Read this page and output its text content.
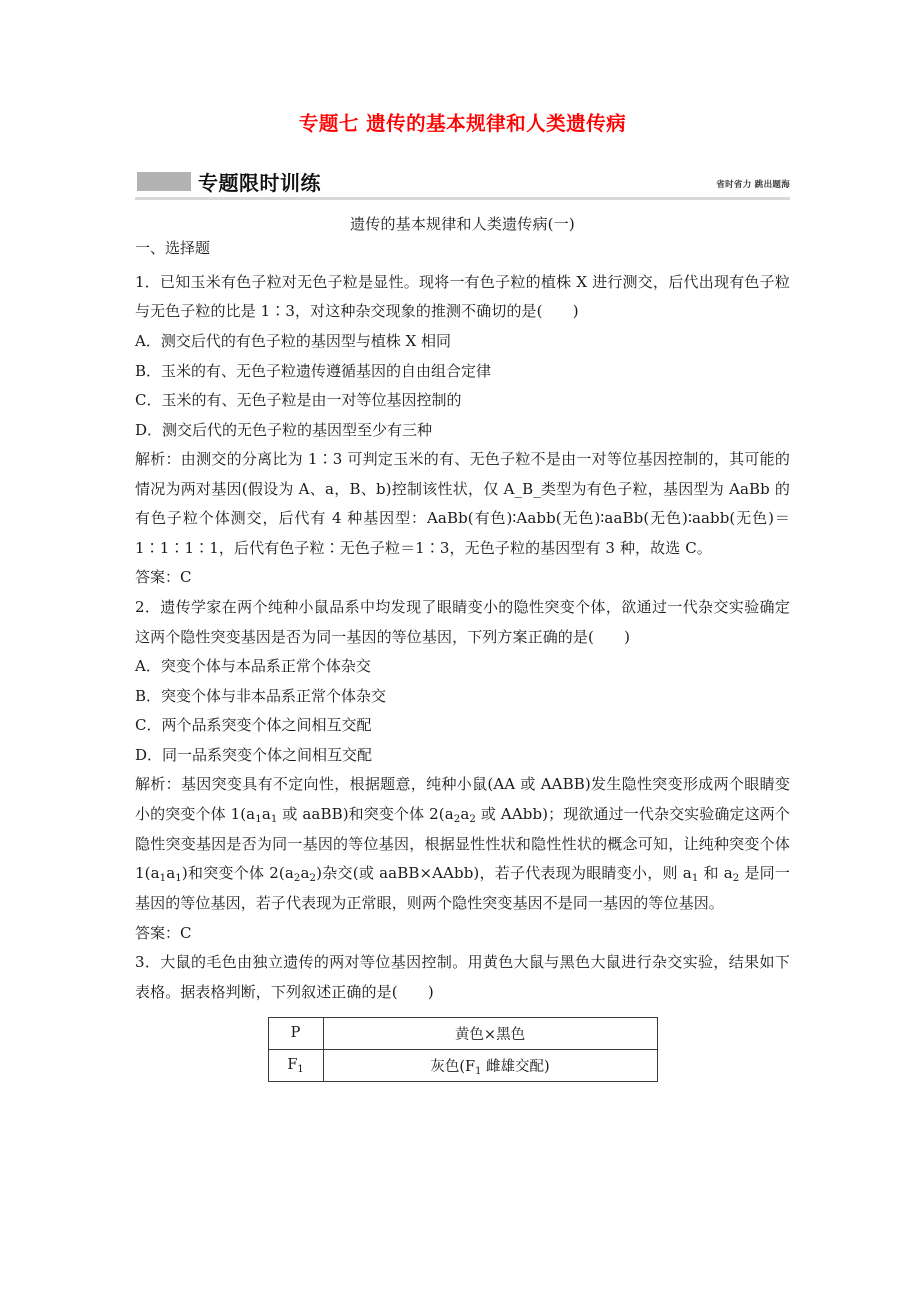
专题七 遗传的基本规律和人类遗传病
专题限时训练	省时省力 跳出题海
遗传的基本规律和人类遗传病(一)

一、选择题

1．已知玉米有色子粒对无色子粒是显性。现将一有色子粒的植株 X 进行测交，后代出现有色子粒与无色子粒的比是 1∶3，对这种杂交现象的推测不确切的是(　　)

A．测交后代的有色子粒的基因型与植株 X 相同

B．玉米的有、无色子粒遗传遵循基因的自由组合定律

C．玉米的有、无色子粒是由一对等位基因控制的

D．测交后代的无色子粒的基因型至少有三种

解析：由测交的分离比为 1∶3 可判定玉米的有、无色子粒不是由一对等位基因控制的，其可能的情况为两对基因(假设为 A、a，B、b)控制该性状，仅 A_B_类型为有色子粒，基因型为 AaBb 的有色子粒个体测交，后代有 4 种基因型：AaBb(有色)∶Aabb(无色)∶aaBb(无色)∶aabb(无色)＝1∶1∶1∶1，后代有色子粒∶无色子粒＝1∶3，无色子粒的基因型有 3 种，故选 C。

答案：C

2．遗传学家在两个纯种小鼠品系中均发现了眼睛变小的隐性突变个体，欲通过一代杂交实验确定这两个隐性突变基因是否为同一基因的等位基因，下列方案正确的是(　　)

A．突变个体与本品系正常个体杂交

B．突变个体与非本品系正常个体杂交

C．两个品系突变个体之间相互交配

D．同一品系突变个体之间相互交配

解析：基因突变具有不定向性，根据题意，纯种小鼠(AA 或 AABB)发生隐性突变形成两个眼睛变小的突变个体 $1(a_1a_1$ 或 aaBB)和突变个体 $2(a_2a_2$ 或 AAbb)；现欲通过一代杂交实验确定这两个隐性突变基因是否为同一基因的等位基因，根据显性性状和隐性性状的概念可知，让纯种突变个体 $1(a_1a_1)$和突变个体 $2(a_2a_2)$杂交(或 aaBB×AAbb)，若子代表现为眼睛变小，则 $a_1$ 和 $a_2$ 是同一基因的等位基因，若子代表现为正常眼，则两个隐性突变基因不是同一基因的等位基因。

答案：C

3．大鼠的毛色由独立遗传的两对等位基因控制。用黄色大鼠与黑色大鼠进行杂交实验，结果如下表格。据表格判断，下列叙述正确的是(　　)

P	黄色×黑色
$F_1$	灰色($F_1$ 雌雄交配)
